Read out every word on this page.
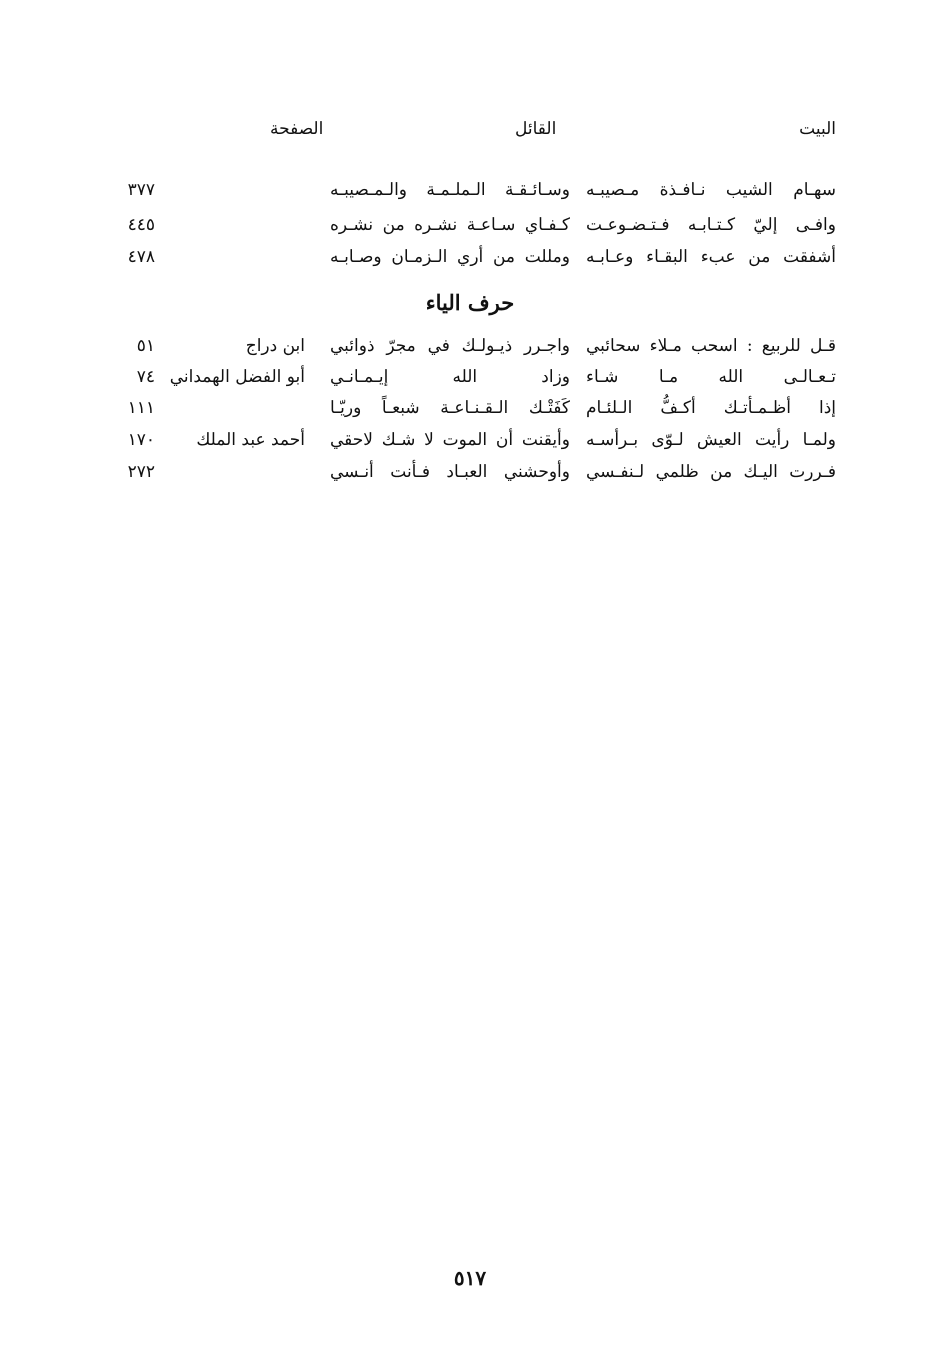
البيت
القائل
الصفحة
سهـام الشيب نـافـذة مـصيبـه
وسـائـقـة الـملـمـة والـمـصيبـه
٣٧٧
وافـى إليّ كـتـابـه فـتـضـوعـت
كـفـاي سـاعـة نشـره من نشـره
٤٤٥
أشفقت من عبء البقـاء وعـابـه
ومللت من أري الـزمـان وصـابـه
٤٧٨
حرف الياء
قـل للربيع : اسحب مـلاء سحائبي
واجـرر ذيـولـك في مجرّ ذوائبي
ابن دراج
٥١
تـعـالـى الله مـا شـاء
وزاد الله إيـمـانـي
أبو الفضل الهمداني
٧٤
إذا أظـمـأتـك أكـفُّ الـلئـام
كَفَتْـك الـقـنـاعـة شبعـاً وريّـا
١١١
ولمـا رأيت العيش لـوّى بـرأسـه
وأيقنت أن الموت لا شـك لاحقي
أحمد عبد الملك
١٧٠
فـررت اليـك من ظلمي لـنفـسي
وأوحشني العبـاد فـأنت أنـسي
٢٧٢
٥١٧
